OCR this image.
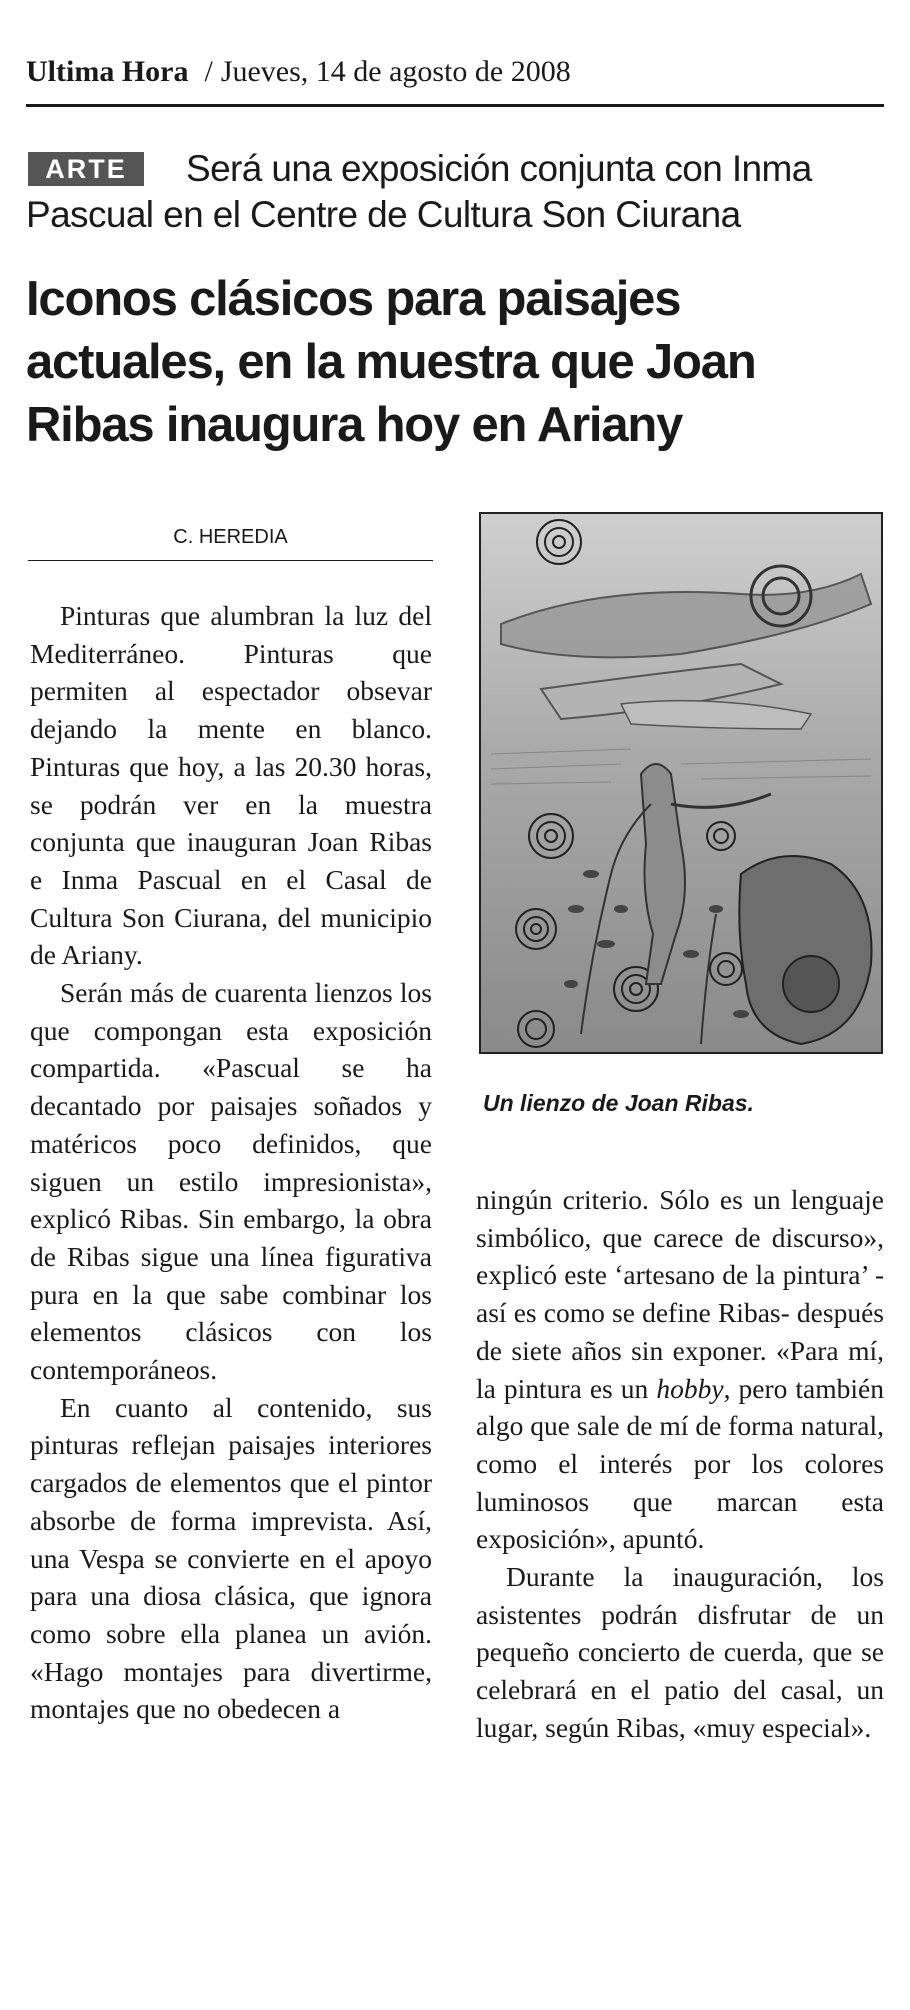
Ultima Hora / Jueves, 14 de agosto de 2008
Será una exposición conjunta con Inma Pascual en el Centre de Cultura Son Ciurana
ARTE
Iconos clásicos para paisajes actuales, en la muestra que Joan Ribas inaugura hoy en Ariany
C. HEREDIA

Pinturas que alumbran la luz del Mediterráneo. Pinturas que permiten al espectador obsevar dejando la mente en blanco. Pinturas que hoy, a las 20.30 horas, se podrán ver en la muestra conjunta que inauguran Joan Ribas e Inma Pascual en el Casal de Cultura Son Ciurana, del municipio de Ariany.

Serán más de cuarenta lienzos los que compongan esta exposición compartida. «Pascual se ha decantado por paisajes soñados y matéricos poco definidos, que siguen un estilo impresionista», explicó Ribas. Sin embargo, la obra de Ribas sigue una línea figurativa pura en la que sabe combinar los elementos clásicos con los contemporáneos.

En cuanto al contenido, sus pinturas reflejan paisajes interiores cargados de elementos que el pintor absorbe de forma imprevista. Así, una Vespa se convierte en el apoyo para una diosa clásica, que ignora como sobre ella planea un avión. «Hago montajes para divertirme, montajes que no obedecen a

Un lienzo de Joan Ribas.

ningún criterio. Sólo es un lenguaje simbólico, que carece de discurso», explicó este ‘artesano de la pintura’ -así es como se define Ribas- después de siete años sin exponer. «Para mí, la pintura es un hobby, pero también algo que sale de mí de forma natural, como el interés por los colores luminosos que marcan esta exposición», apuntó.

Durante la inauguración, los asistentes podrán disfrutar de un pequeño concierto de cuerda, que se celebrará en el patio del casal, un lugar, según Ribas, «muy especial».
